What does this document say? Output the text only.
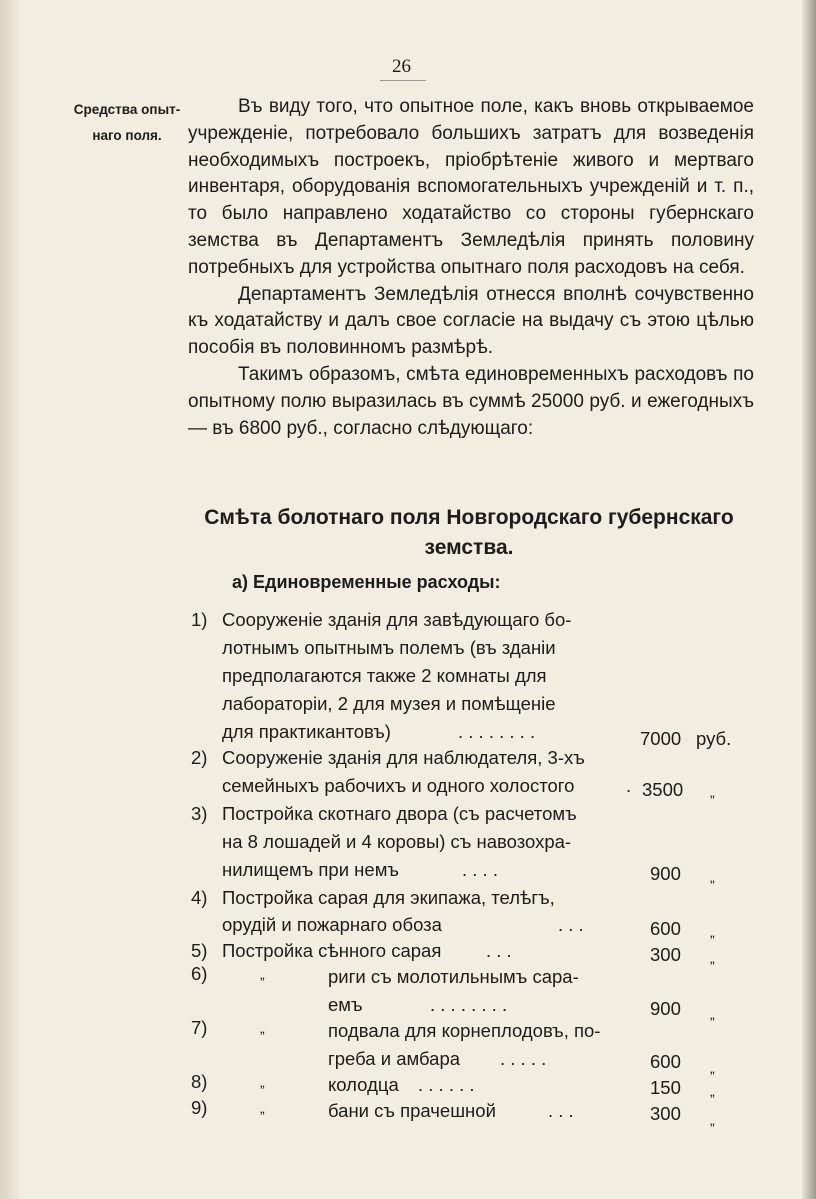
26
Средства опыт-
наго поля.

Въ виду того, что опытное поле, какъ вновь открываемое учрежденіе, потребовало большихъ затратъ для возведенія необходимыхъ построекъ, пріобрѣтеніе живого и мертваго инвентаря, оборудованія вспомогательныхъ учрежденій и т. п., то было направлено ходатайство со стороны губернскаго земства въ Департаментъ Земледѣлія принять половину потребныхъ для устройства опытнаго поля расходовъ на себя.

Департаментъ Земледѣлія отнесся вполнѣ сочувственно къ ходатайству и далъ свое согласіе на выдачу съ этою цѣлью пособія въ половинномъ размѣрѣ.

Такимъ образомъ, смѣта единовременныхъ расходовъ по опытному полю выразилась въ суммѣ 25000 руб. и ежегодныхъ — въ 6800 руб., согласно слѣдующаго:

Смѣта болотнаго поля Новгородскаго губернскаго земства.
а) Единовременные расходы:
1) Сооруженіе зданія для завѣдующаго бо-
лотнымъ опытнымъ полемъ (въ зданіи
предполагаются также 2 комнаты для
лабораторіи, 2 для музея и помѣщеніе
для практикантовъ)	. . . . . . . .	7000 руб.
2) Сооруженіе зданія для наблюдателя, 3-хъ
семейныхъ рабочихъ и одного холостого	. 3500 „
3) Постройка скотнаго двора (съ расчетомъ
на 8 лошадей и 4 коровы) съ навозохра-
нилищемъ при немъ	. . . .	900 „
4) Постройка сарая для экипажа, телѣгъ,
орудій и пожарнаго обоза	. . .	600 „
5) Постройка сѣнного сарая . . .	300 „
6)	„	риги съ молотильнымъ сара-
емъ	. . . . . . . .	900 „
7)	„	подвала для корнеплодовъ, по-
греба и амбара . . . . .	600 „
8)	„	колодца . . . . . .	150 „
9)	„	бани съ прачешной	. . .	300 „
